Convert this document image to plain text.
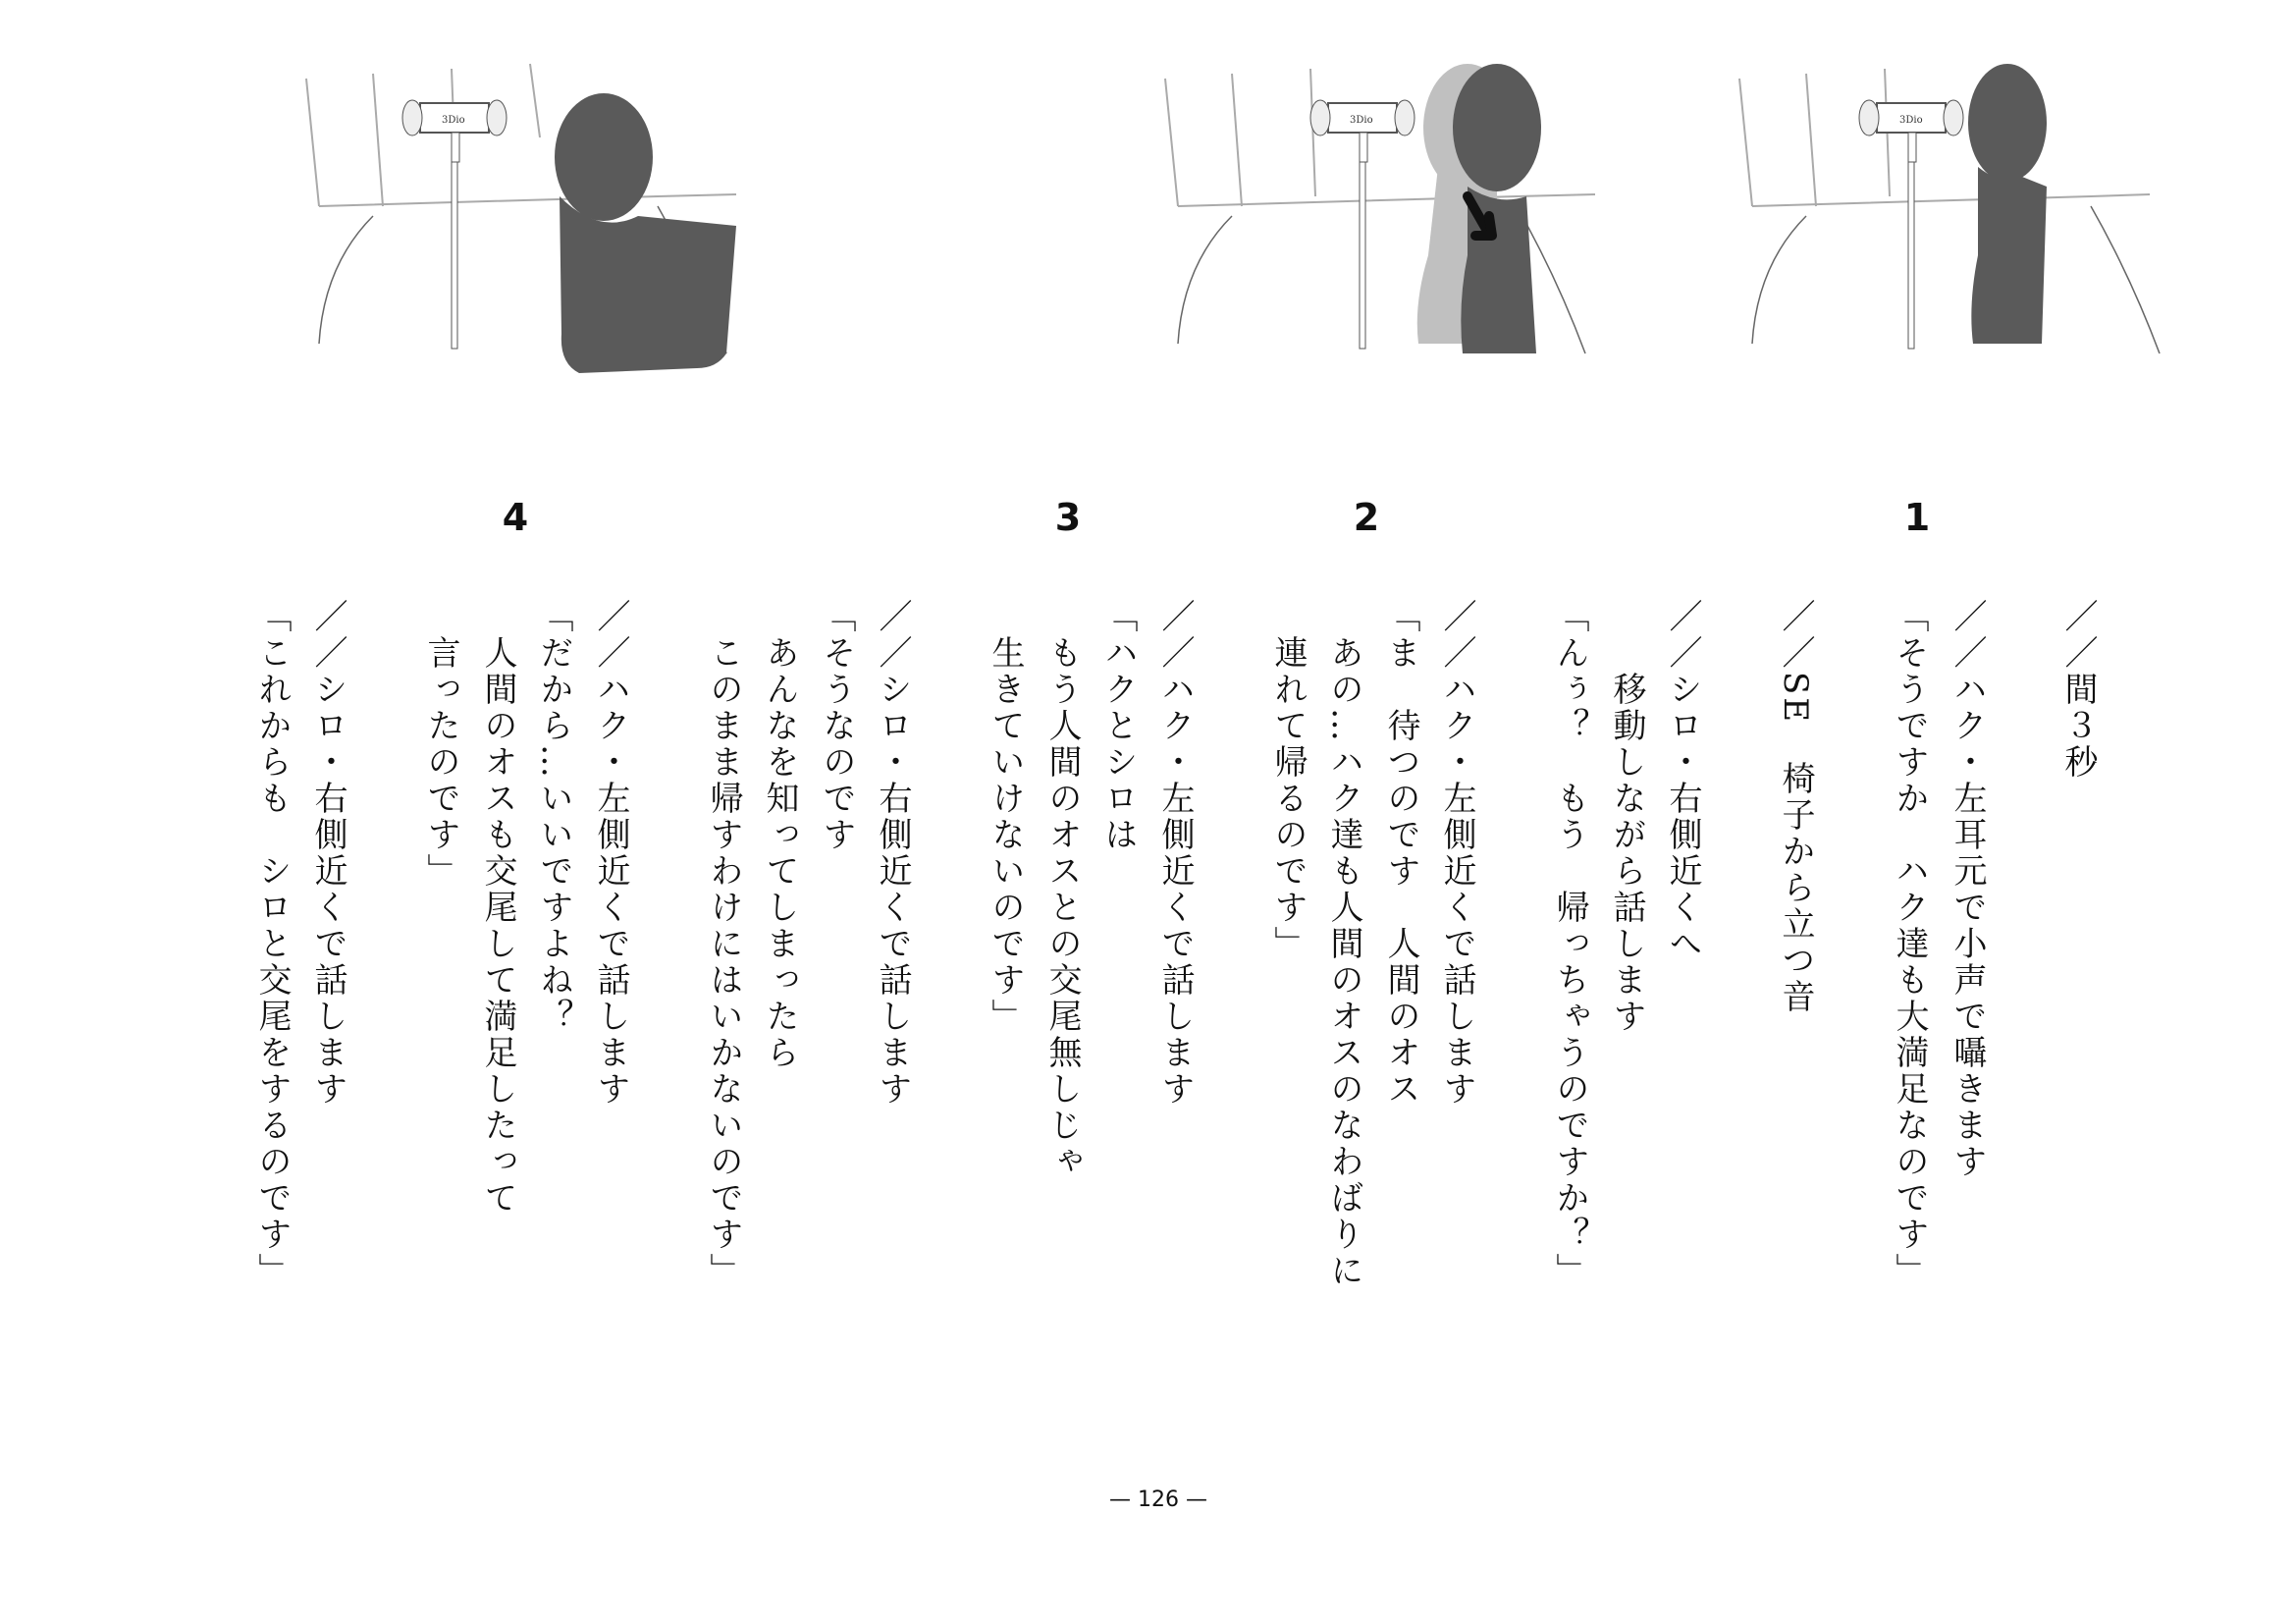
3Dio
4	3
3Dio
2
3Dio
1
／／間３秒
／／ハク・左耳元で小声で囁きます
「そうですか　ハク達も大満足なのです」
／／SE　椅子から立つ音
／／シロ・右側近くへ
　　移動しながら話します
「んぅ？　もう　帰っちゃうのですか？」
／／ハク・左側近くで話します
「ま　待つのです　人間のオス
　あの…ハク達も人間のオスのなわばりに
　連れて帰るのです」
／／ハク・左側近くで話します
「ハクとシロは
　もう人間のオスとの交尾無しじゃ
　生きていけないのです」
／／シロ・右側近くで話します
「そうなのです
　あんなを知ってしまったら
　このまま帰すわけにはいかないのです」
／／ハク・左側近くで話します
「だから…いいですよね？
　人間のオスも交尾して満足したって
　言ったのです」
／／シロ・右側近くで話します
「これからも　シロと交尾をするのです」
— 126 —
